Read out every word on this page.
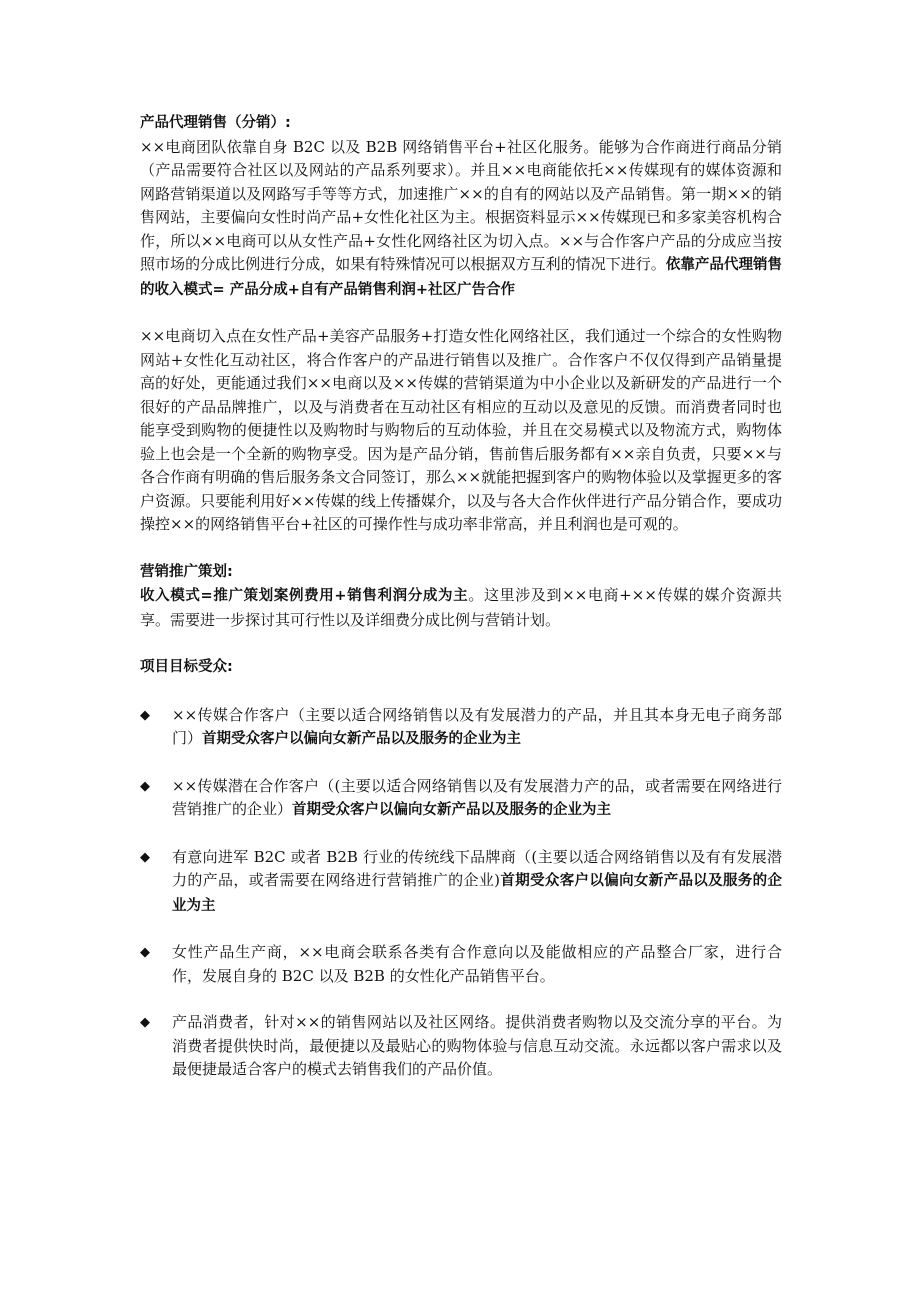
产品代理销售（分销）:

××电商团队依靠自身 B2C 以及 B2B 网络销售平台+社区化服务。能够为合作商进行商品分销（产品需要符合社区以及网站的产品系列要求）。并且××电商能依托××传媒现有的媒体资源和网路营销渠道以及网路写手等等方式，加速推广××的自有的网站以及产品销售。第一期××的销售网站，主要偏向女性时尚产品+女性化社区为主。根据资料显示××传媒现已和多家美容机构合作，所以××电商可以从女性产品+女性化网络社区为切入点。××与合作客户产品的分成应当按照市场的分成比例进行分成，如果有特殊情况可以根据双方互利的情况下进行。依靠产品代理销售的收入模式= 产品分成+自有产品销售利润+社区广告合作

××电商切入点在女性产品+美容产品服务+打造女性化网络社区，我们通过一个综合的女性购物网站+女性化互动社区，将合作客户的产品进行销售以及推广。合作客户不仅仅得到产品销量提高的好处，更能通过我们××电商以及××传媒的营销渠道为中小企业以及新研发的产品进行一个很好的产品品牌推广，以及与消费者在互动社区有相应的互动以及意见的反馈。而消费者同时也能享受到购物的便捷性以及购物时与购物后的互动体验，并且在交易模式以及物流方式，购物体验上也会是一个全新的购物享受。因为是产品分销，售前售后服务都有××亲自负责，只要××与各合作商有明确的售后服务条文合同签订，那么××就能把握到客户的购物体验以及掌握更多的客户资源。只要能利用好××传媒的线上传播媒介，以及与各大合作伙伴进行产品分销合作，要成功操控××的网络销售平台+社区的可操作性与成功率非常高，并且利润也是可观的。

营销推广策划:

收入模式=推广策划案例费用+销售利润分成为主。这里涉及到××电商+××传媒的媒介资源共享。需要进一步探讨其可行性以及详细费分成比例与营销计划。

项目目标受众:

◆ ××传媒合作客户（主要以适合网络销售以及有发展潜力的产品，并且其本身无电子商务部门）首期受众客户以偏向女新产品以及服务的企业为主
◆ ××传媒潜在合作客户（(主要以适合网络销售以及有发展潜力产的品，或者需要在网络进行营销推广的企业）首期受众客户以偏向女新产品以及服务的企业为主
◆ 有意向进军 B2C 或者 B2B 行业的传统线下品牌商（(主要以适合网络销售以及有有发展潜力的产品，或者需要在网络进行营销推广的企业)首期受众客户以偏向女新产品以及服务的企业为主
◆ 女性产品生产商，××电商会联系各类有合作意向以及能做相应的产品整合厂家，进行合作，发展自身的 B2C 以及 B2B 的女性化产品销售平台。
◆ 产品消费者，针对××的销售网站以及社区网络。提供消费者购物以及交流分享的平台。为消费者提供快时尚，最便捷以及最贴心的购物体验与信息互动交流。永远都以客户需求以及最便捷最适合客户的模式去销售我们的产品价值。
